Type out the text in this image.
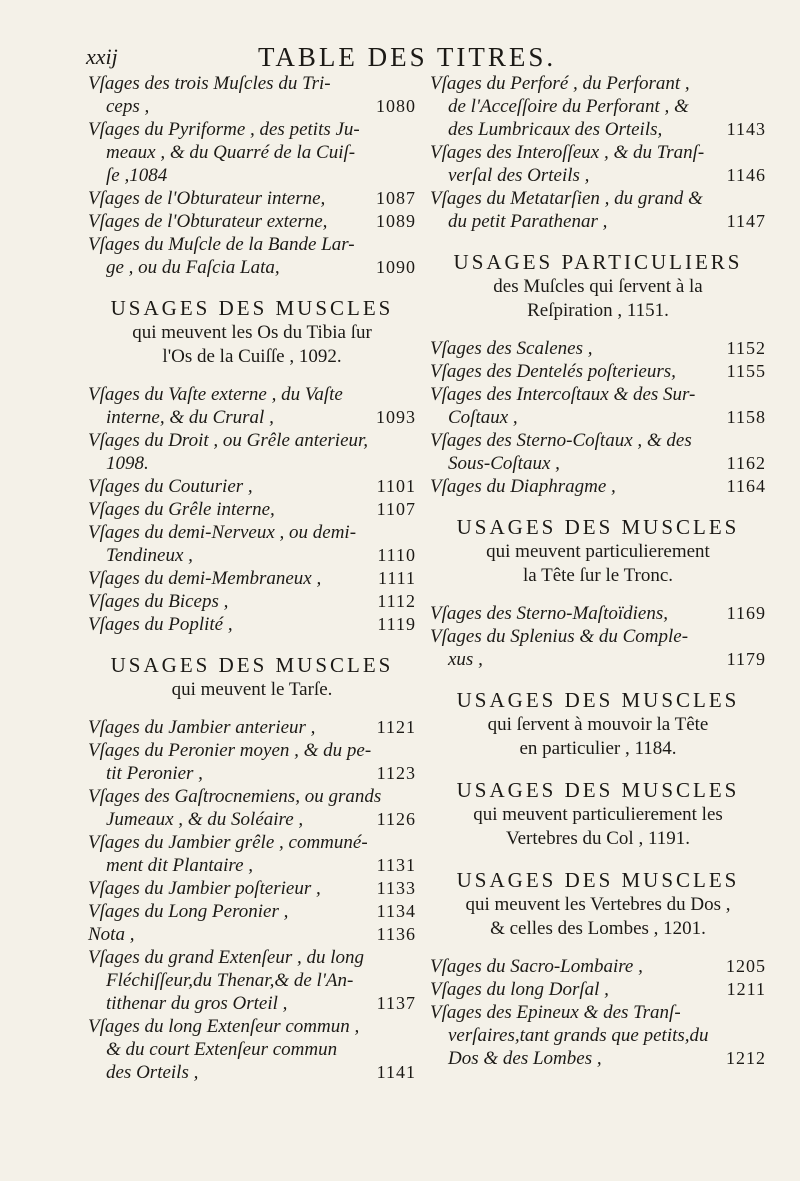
xxij	TABLE DES TITRES.
Vſages des trois Muſcles du Tri-
ceps ,	1080
Vſages du Pyriforme , des petits Ju-
meaux , & du Quarré de la Cuiſ-
ſe ,1084
Vſages de l'Obturateur interne,	1087
Vſages de l'Obturateur externe,	1089
Vſages du Muſcle de la Bande Lar-
ge , ou du Faſcia Lata,	1090
USAGES DES MUSCLES
qui meuvent les Os du Tibia ſur
l'Os de la Cuiſſe , 1092.
Vſages du Vaſte externe , du Vaſte
interne, & du Crural ,	1093
Vſages du Droit , ou Grêle anterieur,
1098.
Vſages du Couturier ,	1101
Vſages du Grêle interne,	1107
Vſages du demi-Nerveux , ou demi-
Tendineux ,	1110
Vſages du demi-Membraneux ,	1111
Vſages du Biceps ,	1112
Vſages du Poplité ,	1119
USAGES DES MUSCLES
qui meuvent le Tarſe.
Vſages du Jambier anterieur ,	1121
Vſages du Peronier moyen , & du pe-
tit Peronier ,	1123
Vſages des Gaſtrocnemiens, ou grands
Jumeaux , & du Soléaire ,	1126
Vſages du Jambier grêle , communé-
ment dit Plantaire ,	1131
Vſages du Jambier poſterieur ,	1133
Vſages du Long Peronier ,	1134
Nota ,	1136
Vſages du grand Extenſeur , du long
Fléchiſſeur,du Thenar,& de l'An-
tithenar du gros Orteil ,	1137
Vſages du long Extenſeur commun ,
& du court Extenſeur commun
des Orteils ,	1141
Vſages du Perforé , du Perforant ,
de l'Acceſſoire du Perforant , &
des Lumbricaux des Orteils,	1143
Vſages des Interoſſeux , & du Tranſ-
verſal des Orteils ,	1146
Vſages du Metatarſien , du grand &
du petit Parathenar ,	1147
USAGES PARTICULIERS
des Muſcles qui ſervent à la
Reſpiration , 1151.
Vſages des Scalenes ,	1152
Vſages des Dentelés poſterieurs,	1155
Vſages des Intercoſtaux & des Sur-
Coſtaux ,	1158
Vſages des Sterno-Coſtaux , & des
Sous-Coſtaux ,	1162
Vſages du Diaphragme ,	1164
USAGES DES MUSCLES
qui meuvent particulierement
la Tête ſur le Tronc.
Vſages des Sterno-Maſtoïdiens,	1169
Vſages du Splenius & du Comple-
xus ,	1179
USAGES DES MUSCLES
qui ſervent à mouvoir la Tête
en particulier , 1184.
USAGES DES MUSCLES
qui meuvent particulierement les
Vertebres du Col , 1191.
USAGES DES MUSCLES
qui meuvent les Vertebres du Dos ,
& celles des Lombes , 1201.
Vſages du Sacro-Lombaire ,	1205
Vſages du long Dorſal ,	1211
Vſages des Epineux & des Tranſ-
verſaires,tant grands que petits,du
Dos & des Lombes ,	1212
